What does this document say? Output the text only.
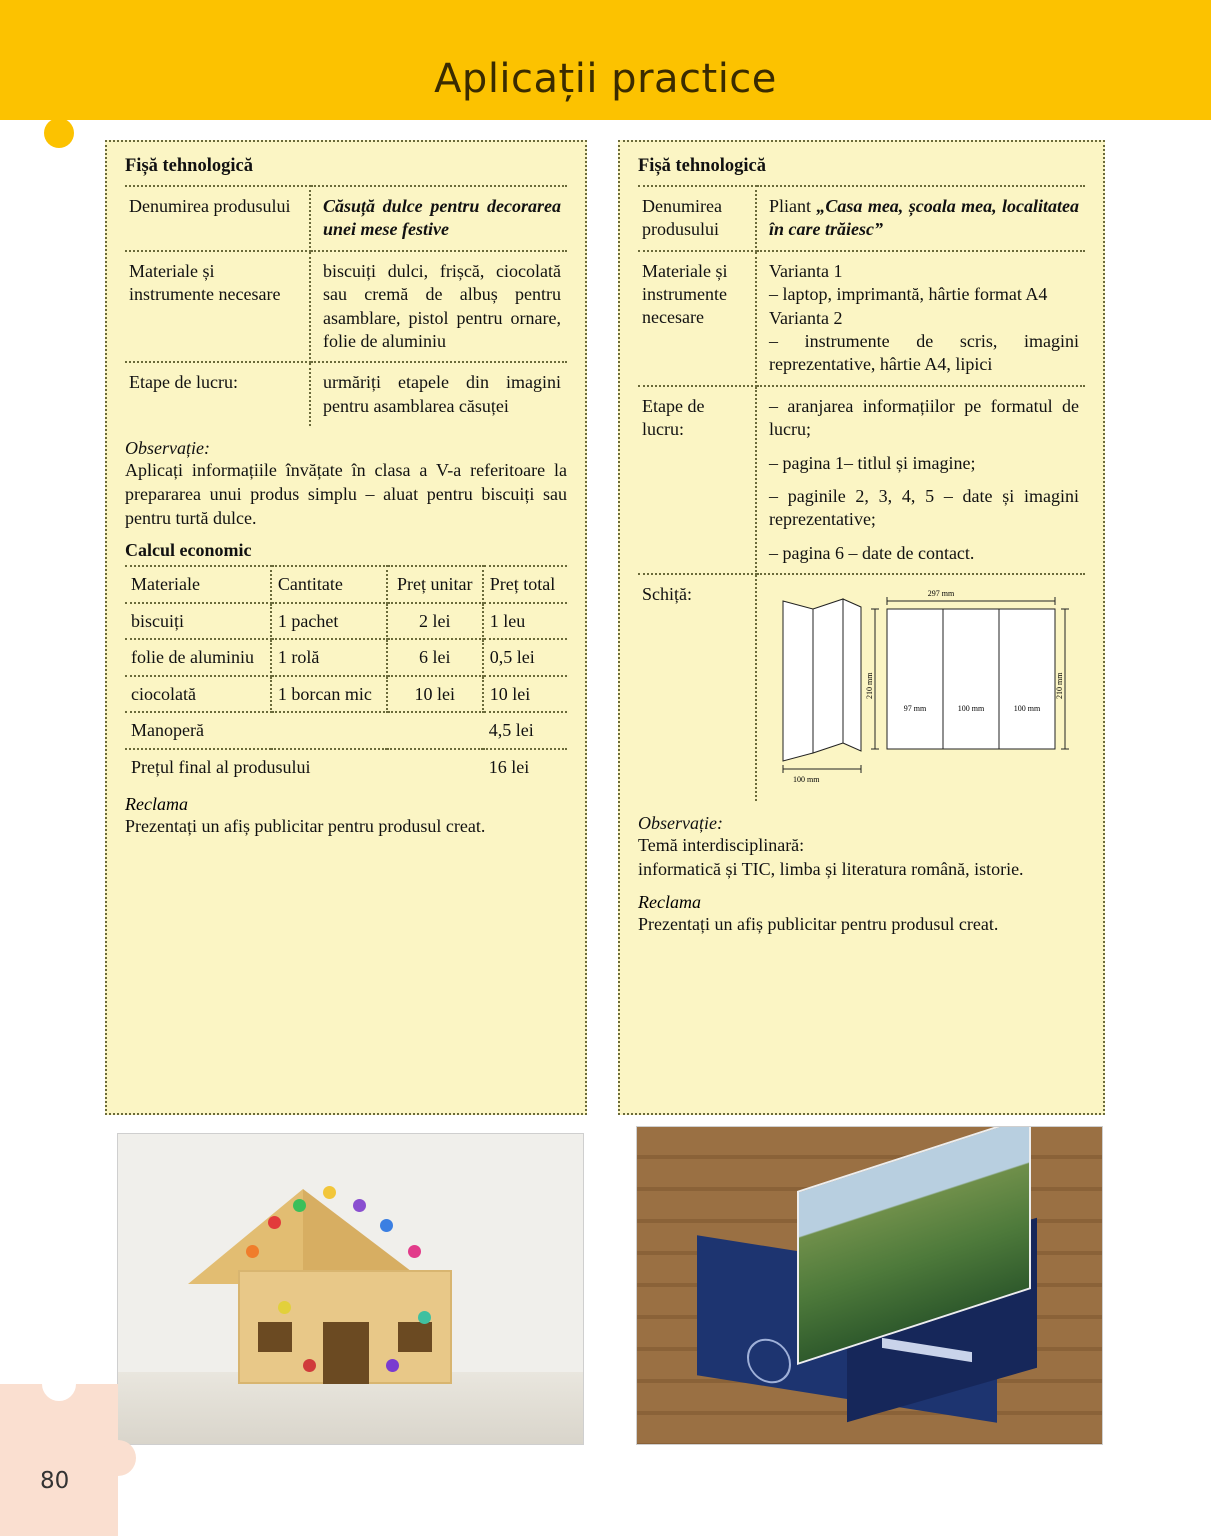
Aplicații practice
Fișă tehnologică
Denumirea produsului	Căsuță dulce pentru decorarea unei mese festive
Materiale și instrumente necesare	biscuiți dulci, frișcă, ciocolată sau cremă de albuș pentru asamblare, pistol pentru ornare, folie de aluminiu
Etape de lucru:	urmăriți etapele din imagini pentru asamblarea căsuței
Observație:
Aplicați informațiile învățate în clasa a V-a referitoare la prepararea unui produs simplu – aluat pentru biscuiți sau pentru turtă dulce.
Calcul economic
Materiale	Cantitate	Preț unitar	Preț total
biscuiți	1 pachet	2 lei	1 leu
folie de aluminiu	1 rolă	6 lei	0,5 lei
ciocolată	1 borcan mic	10 lei	10 lei
Manoperă			4,5 lei
Prețul final al produsului			16 lei
Reclama
Prezentați un afiș publicitar pentru produsul creat.
Fișă tehnologică
Denumirea produsului	Pliant „Casa mea, școala mea, localitatea în care trăiesc”
Materiale și instrumente necesare	Varianta 1
– laptop, imprimantă, hârtie format A4
Varianta 2
– instrumente de scris, imagini reprezentative, hârtie A4, lipici

Etape de lucru:	– aranjarea informațiilor pe formatul de lucru;
– pagina 1– titlul și imagine;
– paginile 2, 3, 4, 5 – date și imagini reprezentative;
– pagina 6 – date de contact.

Schiță:	
100 mm
297 mm
210 mm	210 mm
97 mm	100 mm	100 mm
Observație:
Temă interdisciplinară:
informatică și TIC, limba și literatura română, istorie.
Reclama
Prezentați un afiș publicitar pentru produsul creat.
80
